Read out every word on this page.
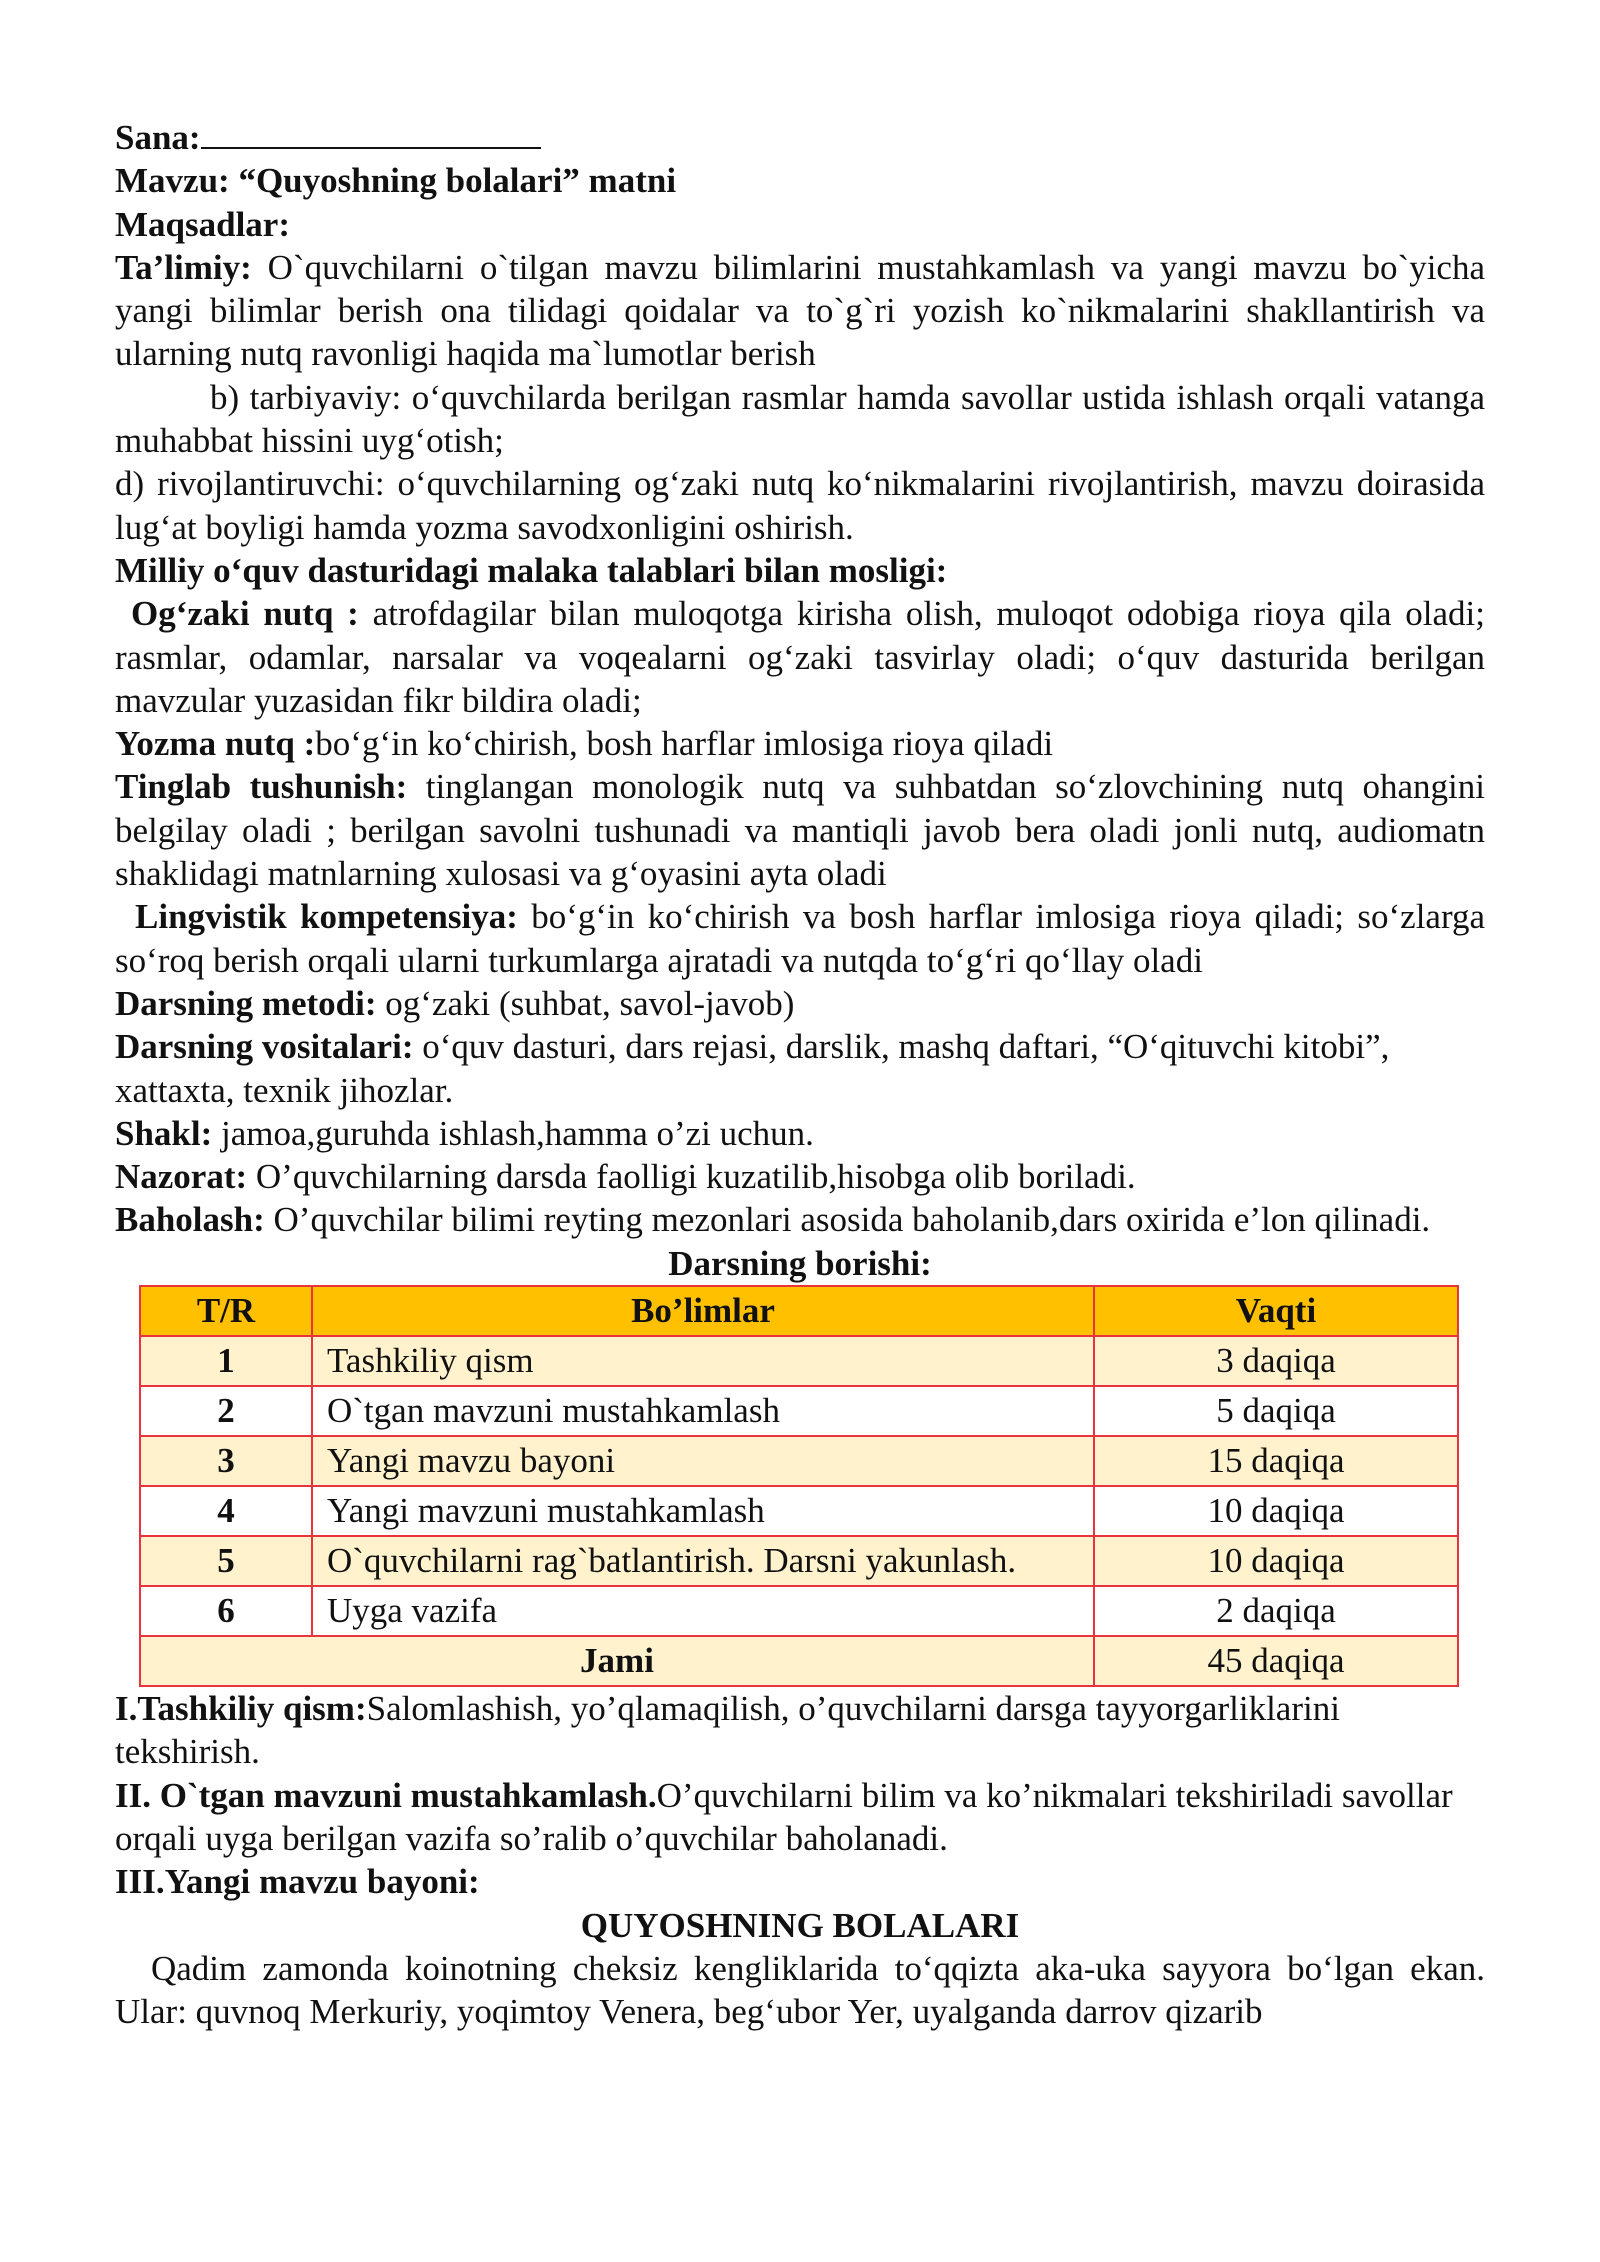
Sana:

Mavzu: “Quyoshning bolalari” matni

Maqsadlar:

Ta’limiy: O`quvchilarni o`tilgan mavzu bilimlarini mustahkamlash va yangi mavzu bo`yicha yangi bilimlar berish ona tilidagi qoidalar va to`g`ri yozish ko`nikmalarini shakllantirish va ularning nutq ravonligi haqida ma`lumotlar berish

b) tarbiyaviy: o‘quvchilarda berilgan rasmlar hamda savollar ustida ishlash orqali vatanga muhabbat hissini uyg‘otish;

d) rivojlantiruvchi: o‘quvchilarning og‘zaki nutq ko‘nikmalarini rivojlantirish, mavzu doirasida lug‘at boyligi hamda yozma savodxonligini oshirish.

Milliy o‘quv dasturidagi malaka talablari bilan mosligi:

Og‘zaki nutq : atrofdagilar bilan muloqotga kirisha olish, muloqot odobiga rioya qila oladi; rasmlar, odamlar, narsalar va voqealarni og‘zaki tasvirlay oladi; o‘quv dasturida berilgan mavzular yuzasidan fikr bildira oladi;

Yozma nutq :bo‘g‘in ko‘chirish, bosh harflar imlosiga rioya qiladi

Tinglab tushunish: tinglangan monologik nutq va suhbatdan so‘zlovchining nutq ohangini belgilay oladi ; berilgan savolni tushunadi va mantiqli javob bera oladi jonli nutq, audiomatn shaklidagi matnlarning xulosasi va g‘oyasini ayta oladi

Lingvistik kompetensiya: bo‘g‘in ko‘chirish va bosh harflar imlosiga rioya qiladi; so‘zlarga so‘roq berish orqali ularni turkumlarga ajratadi va nutqda to‘g‘ri qo‘llay oladi

Darsning metodi: og‘zaki (suhbat, savol-javob)

Darsning vositalari: o‘quv dasturi, dars rejasi, darslik, mashq daftari, “O‘qituvchi kitobi”, xattaxta, texnik jihozlar.

Shakl: jamoa,guruhda ishlash,hamma o’zi uchun.

Nazorat: O’quvchilarning darsda faolligi kuzatilib,hisobga olib boriladi.

Baholash: O’quvchilar bilimi reyting mezonlari asosida baholanib,dars oxirida e’lon qilinadi.

Darsning borishi:

T/R	Bo’limlar	Vaqti
1	Tashkiliy qism	3 daqiqa
2	O`tgan mavzuni mustahkamlash	5 daqiqa
3	Yangi mavzu bayoni	15 daqiqa
4	Yangi mavzuni mustahkamlash	10 daqiqa
5	O`quvchilarni rag`batlantirish. Darsni yakunlash.	10 daqiqa
6	Uyga vazifa	2 daqiqa
Jami		45 daqiqa

I.Tashkiliy qism:Salomlashish, yo’qlamaqilish, o’quvchilarni darsga tayyorgarliklarini tekshirish.

II. O`tgan mavzuni mustahkamlash.O’quvchilarni bilim va ko’nikmalari tekshiriladi savollar orqali uyga berilgan vazifa so’ralib o’quvchilar baholanadi.

III.Yangi mavzu bayoni:

QUYOSHNING BOLALARI

Qadim zamonda koinotning cheksiz kengliklarida to‘qqizta aka-uka sayyora bo‘lgan ekan. Ular: quvnoq Merkuriy, yoqimtoy Venera, beg‘ubor Yer, uyalganda darrov qizarib
